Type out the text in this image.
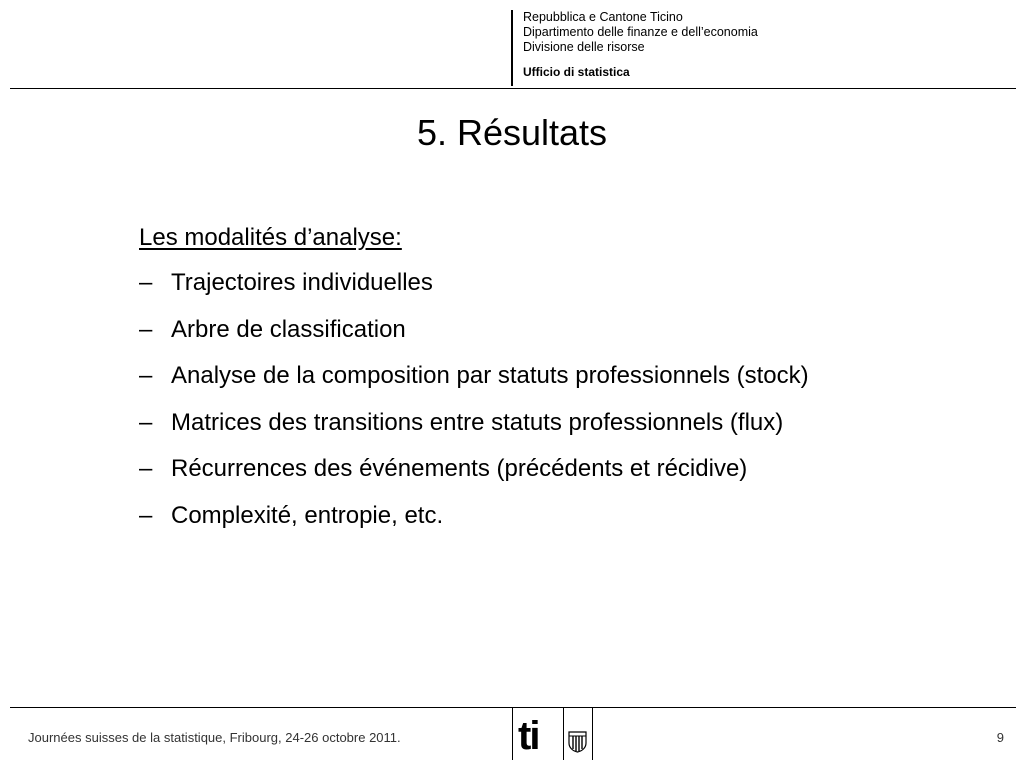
Repubblica e Cantone Ticino
Dipartimento delle finanze e dell’economia
Divisione delle risorse
Ufficio di statistica
5. Résultats
Les modalités d’analyse:
– Trajectoires individuelles
– Arbre de classification
– Analyse de la composition par statuts professionnels (stock)
– Matrices des transitions entre statuts professionnels (flux)
– Récurrences des événements (précédents et récidive)
– Complexité, entropie, etc.
Journées suisses de la statistique, Fribourg, 24-26 octobre 2011.	ti	9
